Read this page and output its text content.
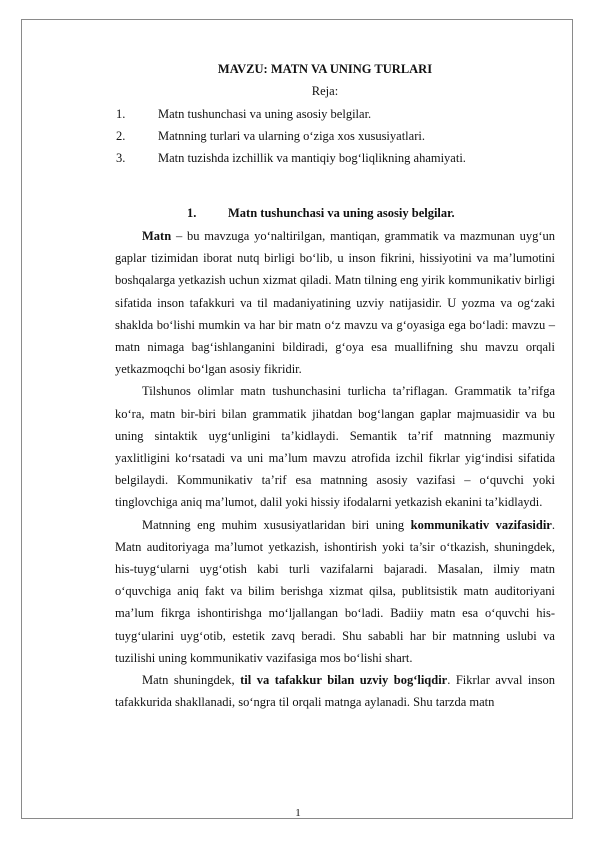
MAVZU: MATN VA UNING TURLARI
Reja:
1.	Matn tushunchasi va uning asosiy belgilar.
2.	Matnning turlari va ularning o‘ziga xos xususiyatlari.
3.	Matn tuzishda izchillik va mantiqiy bog‘liqlikning ahamiyati.
1.	Matn tushunchasi va uning asosiy belgilar.

Matn – bu mavzuga yo‘naltirilgan, mantiqan, grammatik va mazmunan uyg‘un gaplar tizimidan iborat nutq birligi bo‘lib, u inson fikrini, hissiyotini va ma’lumotini boshqalarga yetkazish uchun xizmat qiladi. Matn tilning eng yirik kommunikativ birligi sifatida inson tafakkuri va til madaniyatining uzviy natijasidir. U yozma va og‘zaki shaklda bo‘lishi mumkin va har bir matn o‘z mavzu va g‘oyasiga ega bo‘ladi: mavzu – matn nimaga bag‘ishlanganini bildiradi, g‘oya esa muallifning shu mavzu orqali yetkazmoqchi bo‘lgan asosiy fikridir.

Tilshunos olimlar matn tushunchasini turlicha ta’riflagan. Grammatik ta’rifga ko‘ra, matn bir-biri bilan grammatik jihatdan bog‘langan gaplar majmuasidir va bu uning sintaktik uyg‘unligini ta’kidlaydi. Semantik ta’rif matnning mazmuniy yaxlitligini ko‘rsatadi va uni ma’lum mavzu atrofida izchil fikrlar yig‘indisi sifatida belgilaydi. Kommunikativ ta’rif esa matnning asosiy vazifasi – o‘quvchi yoki tinglovchiga aniq ma’lumot, dalil yoki hissiy ifodalarni yetkazish ekanini ta’kidlaydi.

Matnning eng muhim xususiyatlaridan biri uning kommunikativ vazifasidir. Matn auditoriyaga ma’lumot yetkazish, ishontirish yoki ta’sir o‘tkazish, shuningdek, his-tuyg‘ularni uyg‘otish kabi turli vazifalarni bajaradi. Masalan, ilmiy matn o‘quvchiga aniq fakt va bilim berishga xizmat qilsa, publitsistik matn auditoriyani ma’lum fikrga ishontirishga mo‘ljallangan bo‘ladi. Badiiy matn esa o‘quvchi his-tuyg‘ularini uyg‘otib, estetik zavq beradi. Shu sababli har bir matnning uslubi va tuzilishi uning kommunikativ vazifasiga mos bo‘lishi shart.

Matn shuningdek, til va tafakkur bilan uzviy bog‘liqdir. Fikrlar avval inson tafakkurida shakllanadi, so‘ngra til orqali matnga aylanadi. Shu tarzda matn

1
